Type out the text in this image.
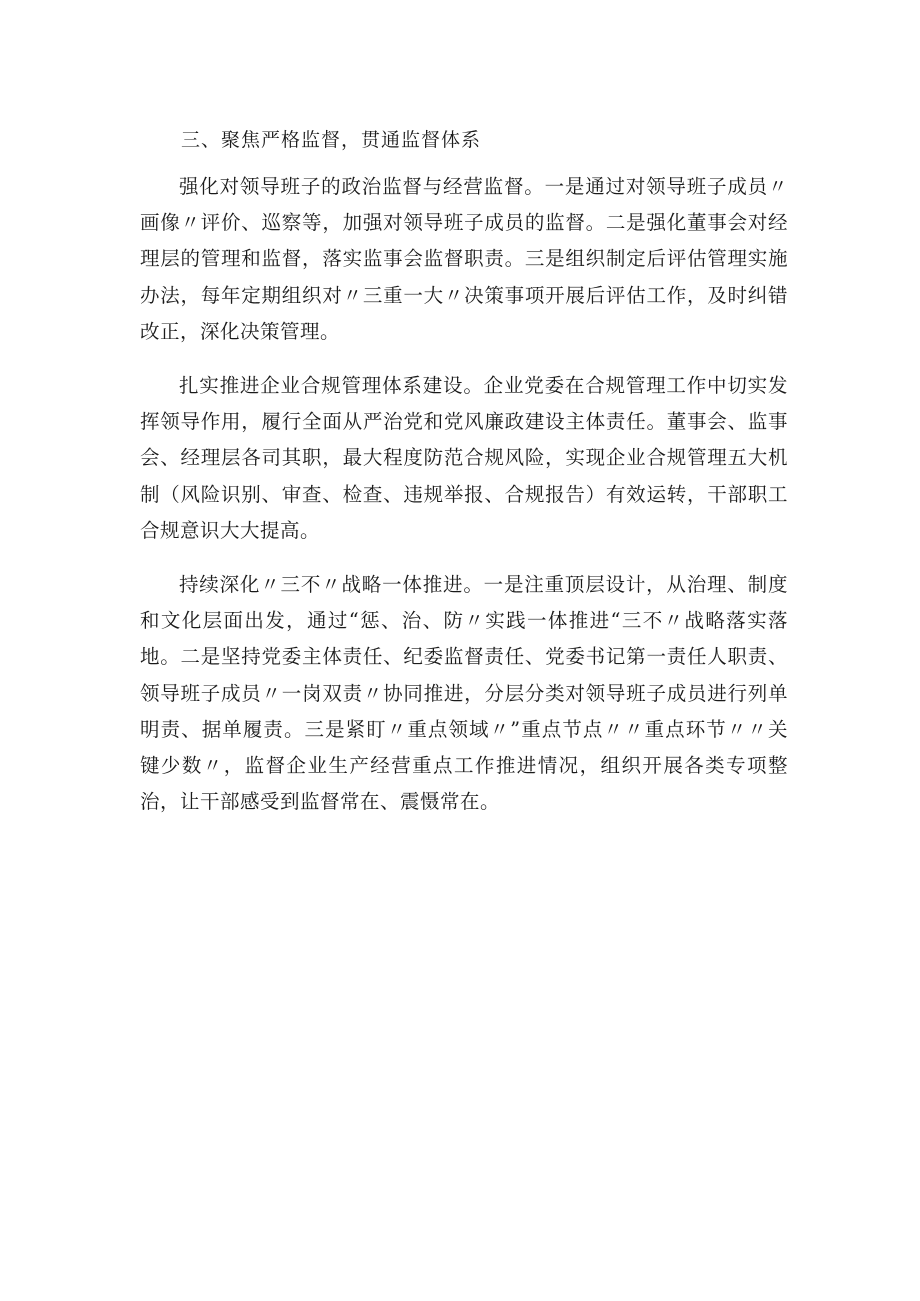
三、聚焦严格监督，贯通监督体系

强化对领导班子的政治监督与经营监督。一是通过对领导班子成员〃画像〃评价、巡察等，加强对领导班子成员的监督。二是强化董事会对经理层的管理和监督，落实监事会监督职责。三是组织制定后评估管理实施办法，每年定期组织对〃三重一大〃决策事项开展后评估工作，及时纠错改正，深化决策管理。

扎实推进企业合规管理体系建设。企业党委在合规管理工作中切实发挥领导作用，履行全面从严治党和党风廉政建设主体责任。董事会、监事会、经理层各司其职，最大程度防范合规风险，实现企业合规管理五大机制（风险识别、审查、检查、违规举报、合规报告）有效运转，干部职工合规意识大大提高。

持续深化〃三不〃战略一体推进。一是注重顶层设计，从治理、制度和文化层面出发，通过“惩、治、防〃实践一体推进“三不〃战略落实落地。二是坚持党委主体责任、纪委监督责任、党委书记第一责任人职责、领导班子成员〃一岗双责〃协同推进，分层分类对领导班子成员进行列单明责、据单履责。三是紧盯〃重点领域〃”重点节点〃〃重点环节〃〃关键少数〃，监督企业生产经营重点工作推进情况，组织开展各类专项整治，让干部感受到监督常在、震慑常在。
